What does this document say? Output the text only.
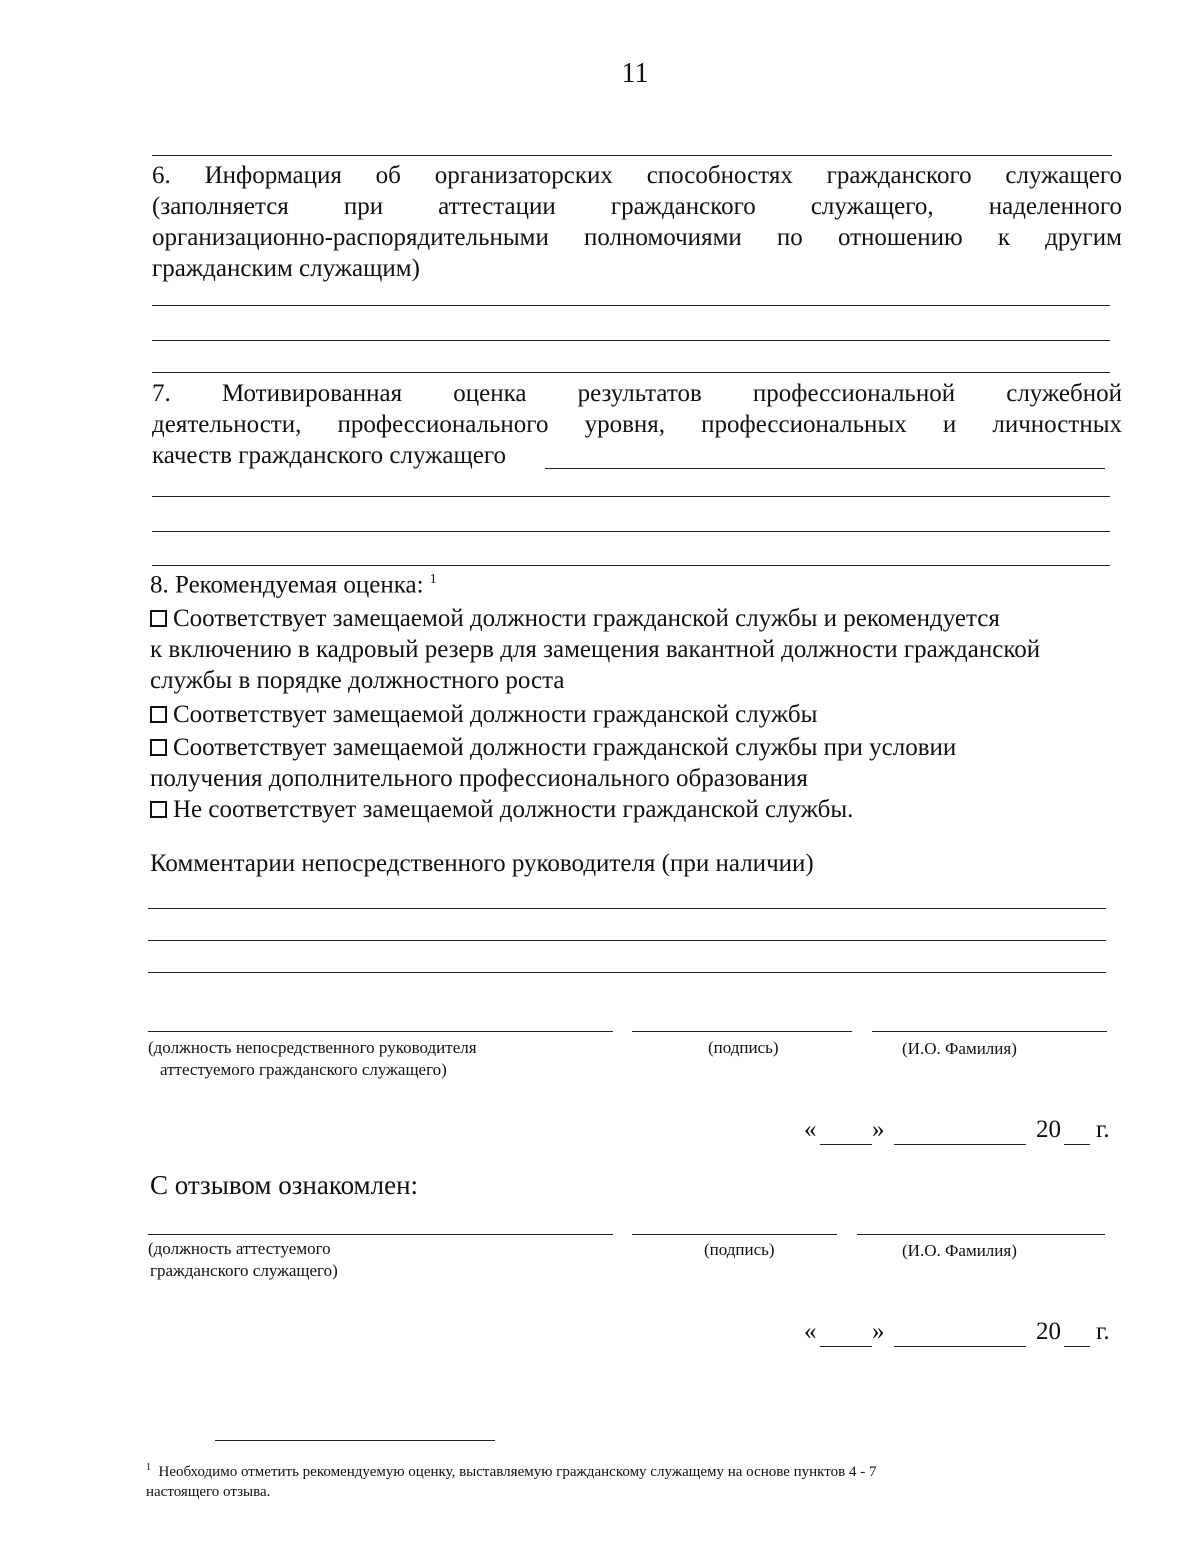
11
6. Информация об организаторских способностях гражданского служащего
(заполняется при аттестации гражданского служащего, наделенного
организационно-распорядительными полномочиями по отношению к другим
гражданским служащим)
7. Мотивированная оценка результатов профессиональной служебной
деятельности, профессионального уровня, профессиональных и личностных
качеств гражданского служащего
8. Рекомендуемая оценка: $^1$
Соответствует замещаемой должности гражданской службы и рекомендуется
к включению в кадровый резерв для замещения вакантной должности гражданской
службы в порядке должностного роста
Соответствует замещаемой должности гражданской службы
Соответствует замещаемой должности гражданской службы при условии
получения дополнительного профессионального образования
Не соответствует замещаемой должности гражданской службы.
Комментарии непосредственного руководителя (при наличии)
(должность непосредственного руководителя
аттестуемого гражданского служащего)
(подпись)	(И.О. Фамилия)
« »	20 г.
С отзывом ознакомлен:
(должность аттестуемого
гражданского служащего)
(подпись)	(И.О. Фамилия)
« »	20 г.
$^1$ Необходимо отметить рекомендуемую оценку, выставляемую гражданскому служащему на основе пунктов 4 - 7
настоящего отзыва.
